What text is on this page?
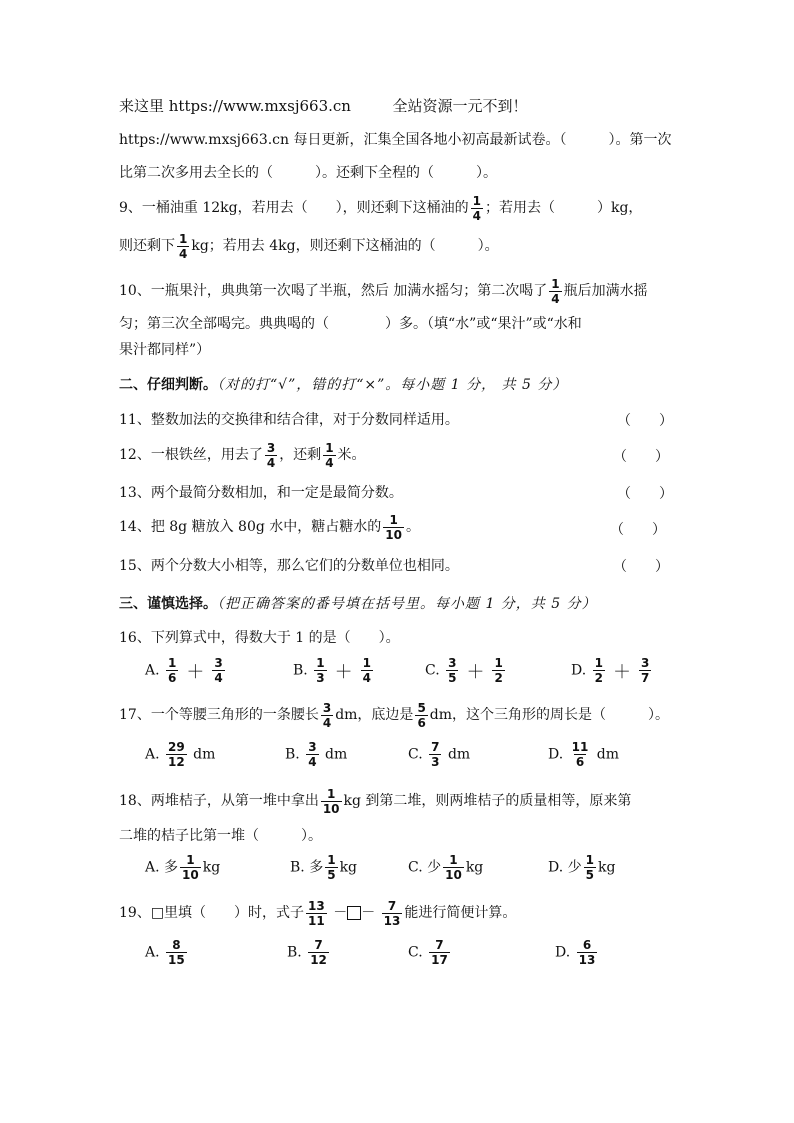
来这里 https://www.mxsj663.cn	全站资源一元不到！
https://www.mxsj663.cn 每日更新，汇集全国各地小初高最新试卷。（　　　）。第一次
比第二次多用去全长的（　　　）。还剩下全程的（　　　）。
9、一桶油重 12kg，若用去（　　），则还剩下这桶油的 $\frac{1}{4}$ ；若用去（　　　）kg，
则还剩下 $\frac{1}{4}$ kg；若用去 4kg，则还剩下这桶油的（　　　）。
10、一瓶果汁，典典第一次喝了半瓶，然后 加满水摇匀；第二次喝了 $\frac{1}{4}$ 瓶后加满水摇
匀；第三次全部喝完。典典喝的（　　　　）多。（填“水”或“果汁”或“水和
果汁都同样”）
二、仔细判断。（对的打“√”，错的打“×”。每小题 1 分， 共 5 分）
11、整数加法的交换律和结合律，对于分数同样适用。	（　　）
12、一根铁丝，用去了 $\frac{3}{4}$ ，还剩 $\frac{1}{4}$ 米。	（　　）
13、两个最简分数相加，和一定是最简分数。	（　　）
14、把 8g 糖放入 80g 水中，糖占糖水的 $\frac{1}{10}$ 。	（　　）
15、两个分数大小相等，那么它们的分数单位也相同。	（　　）
三、谨慎选择。（把正确答案的番号填在括号里。每小题 1 分，共 5 分）
16、下列算式中，得数大于 1 的是（　　）。
A. $\frac{1}{6} + \frac{3}{4}$	B. $\frac{1}{3} + \frac{1}{4}$	C. $\frac{3}{5} + \frac{1}{2}$	D. $\frac{1}{2} + \frac{3}{7}$
17、一个等腰三角形的一条腰长 $\frac{3}{4}$ dm，底边是 $\frac{5}{6}$ dm，这个三角形的周长是（　　　）。
A. $\frac{29}{12}$ dm	B. $\frac{3}{4}$ dm	C. $\frac{7}{3}$ dm	D. $\frac{11}{6}$ dm
18、两堆桔子，从第一堆中拿出 $\frac{1}{10}$ kg 到第二堆，则两堆桔子的质量相等，原来第
二堆的桔子比第一堆（　　　）。
A. 多 $\frac{1}{10}$ kg	B. 多 $\frac{1}{5}$ kg	C. 少 $\frac{1}{10}$ kg	D. 少 $\frac{1}{5}$ kg
19、□里填（　　）时，式子 $\frac{13}{11}$ － － $\frac{7}{13}$ 能进行简便计算。
A. $\frac{8}{15}$	B. $\frac{7}{12}$	C. $\frac{7}{17}$	D. $\frac{6}{13}$
